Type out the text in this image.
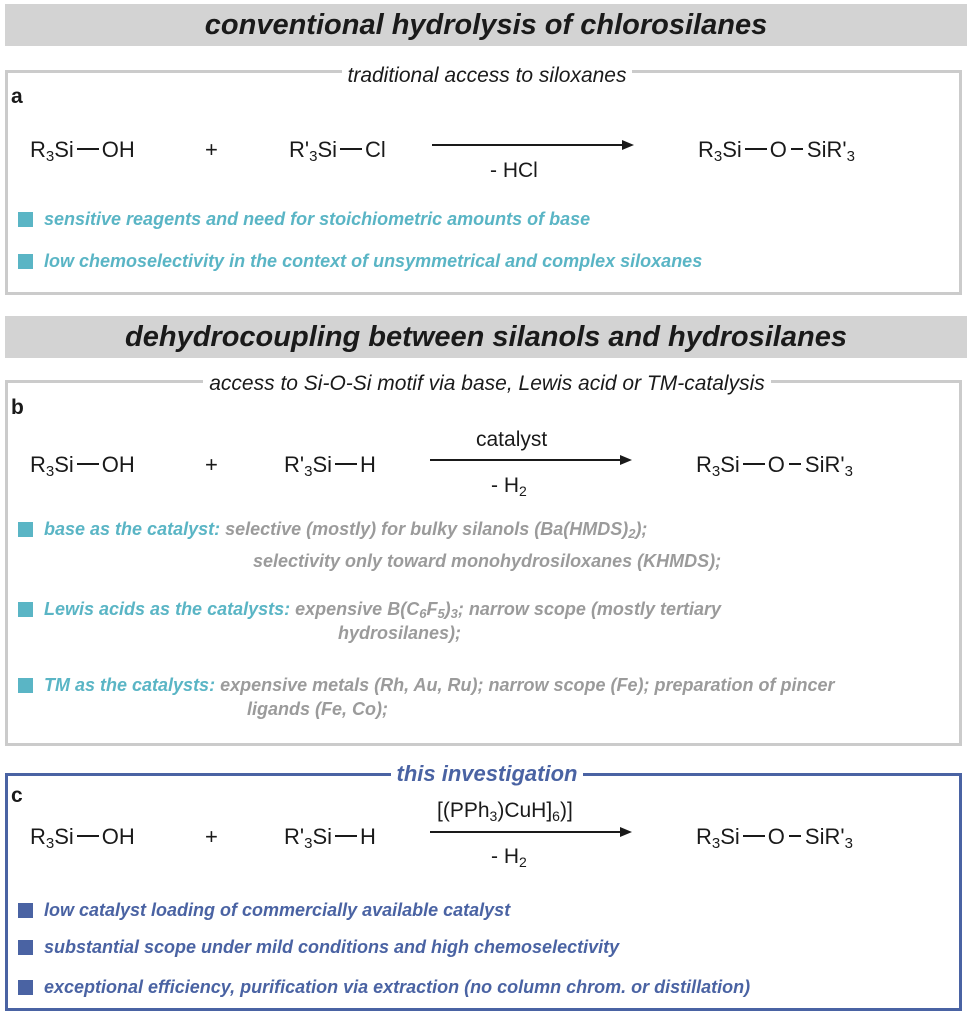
conventional hydrolysis of chlorosilanes
traditional access to siloxanes
a
$R_3Si$ OH	+	$R'_3Si$ Cl
- HCl
$R_3Si$ O $SiR'_3$
sensitive reagents and need for stoichiometric amounts of base
low chemoselectivity in the context of unsymmetrical and complex siloxanes
dehydrocoupling between silanols and hydrosilanes
access to Si-O-Si motif via base, Lewis acid or TM-catalysis
b
$R_3Si$ OH	+	$R'_3Si$ H
catalyst
- $H_2$
$R_3Si$ O $SiR'_3$
base as the catalyst: selective (mostly) for bulky silanols $(Ba(HMDS)_2)$;
selectivity only toward monohydrosiloxanes (KHMDS);
Lewis acids as the catalysts: expensive $B(C_6F_5)_3$; narrow scope (mostly tertiary
hydrosilanes);
TM as the catalysts: expensive metals (Rh, Au, Ru); narrow scope (Fe); preparation of pincer
ligands (Fe, Co);
this investigation
c
$R_3Si$ OH	+	$R'_3Si$ H
$[(PPh_3)CuH]_6$)]
- $H_2$
$R_3Si$ O $SiR'_3$
low catalyst loading of commercially available catalyst
substantial scope under mild conditions and high chemoselectivity
exceptional efficiency, purification via extraction (no column chrom. or distillation)
